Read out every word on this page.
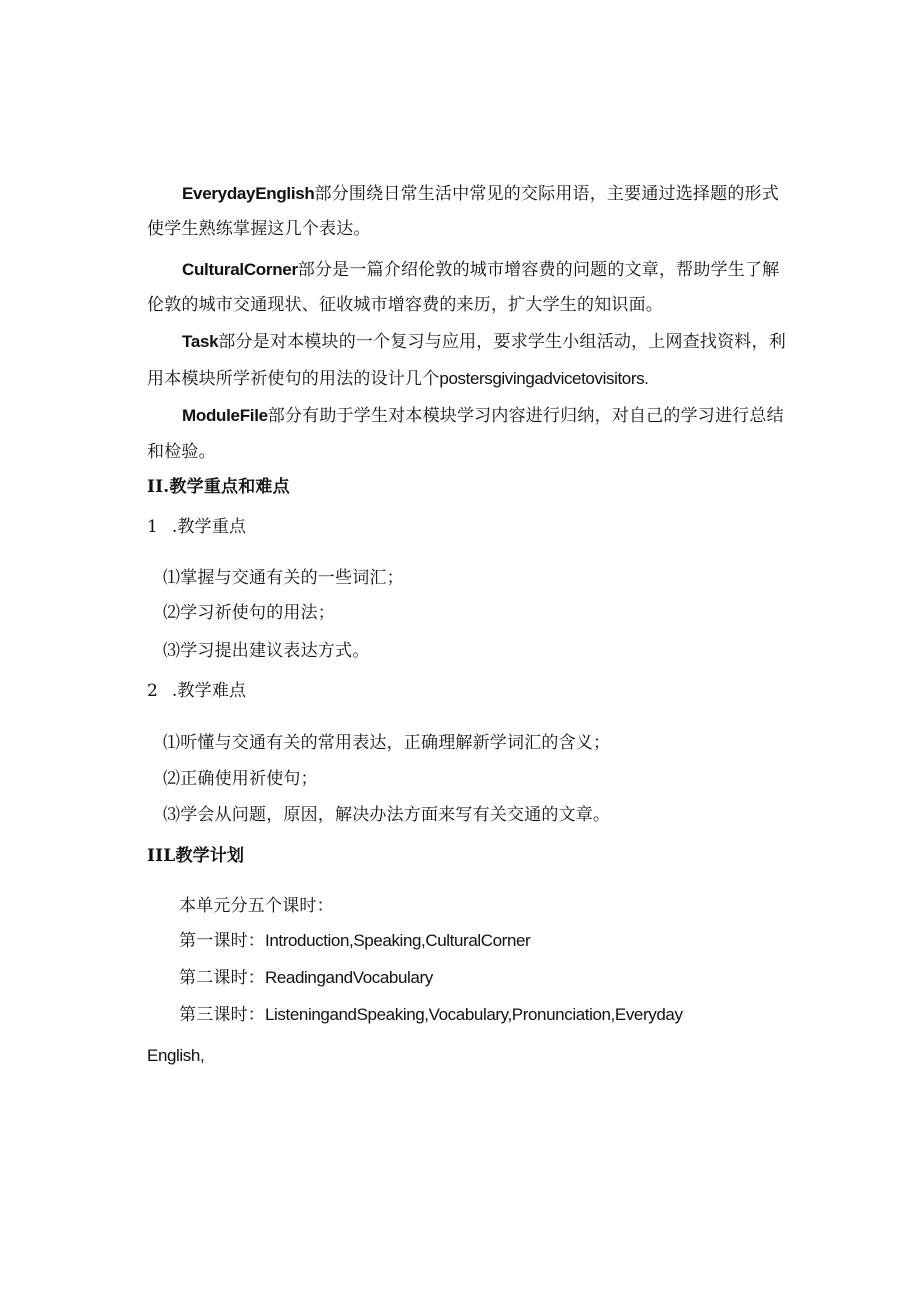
EverydayEnglish部分围绕日常生活中常见的交际用语，主要通过选择题的形式
使学生熟练掌握这几个表达。
CulturalCorner部分是一篇介绍伦敦的城市增容费的问题的文章，帮助学生了解
伦敦的城市交通现状、征收城市增容费的来历，扩大学生的知识面。
Task部分是对本模块的一个复习与应用，要求学生小组活动，上网查找资料，利
用本模块所学祈使句的用法的设计几个postersgivingadvicetovisitors.
ModuleFile部分有助于学生对本模块学习内容进行归纳，对自己的学习进行总结
和检验。
II.教学重点和难点
1 .教学重点
⑴掌握与交通有关的一些词汇；
⑵学习祈使句的用法；
⑶学习提出建议表达方式。
2 .教学难点
⑴听懂与交通有关的常用表达，正确理解新学词汇的含义；
⑵正确使用祈使句；
⑶学会从问题，原因，解决办法方面来写有关交通的文章。
IIL教学计划
本单元分五个课时：
第一课时：Introduction,Speaking,CulturalCorner
第二课时：ReadingandVocabulary
第三课时：ListeningandSpeaking,Vocabulary,Pronunciation,Everyday
English,
